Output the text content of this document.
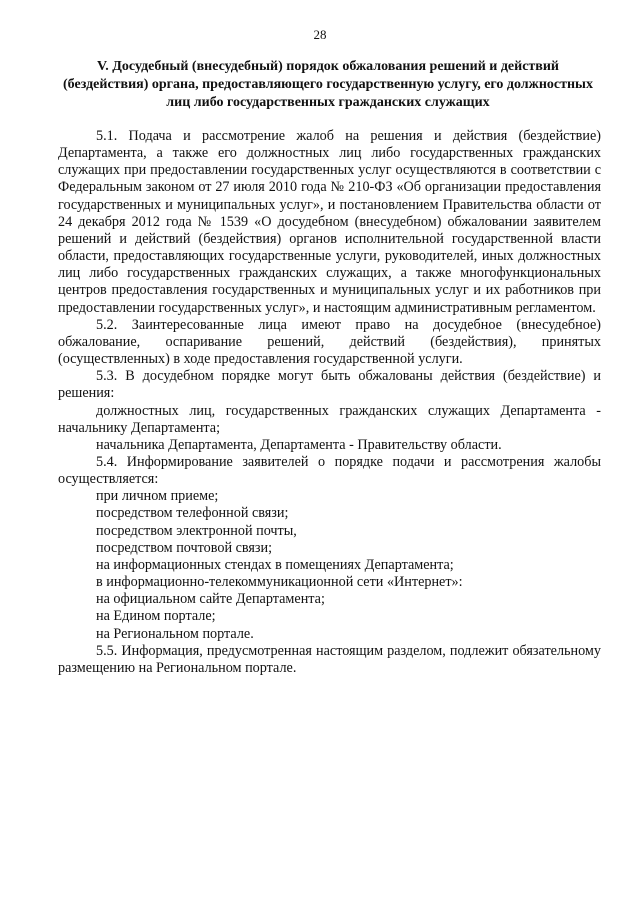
28
V. Досудебный (внесудебный) порядок обжалования решений и действий (бездействия) органа, предоставляющего государственную услугу, его должностных лиц либо государственных гражданских служащих

5.1. Подача и рассмотрение жалоб на решения и действия (бездействие) Департамента, а также его должностных лиц либо государственных гражданских служащих при предоставлении государственных услуг осуществляются в соответствии с Федеральным законом от 27 июля 2010 года № 210-ФЗ «Об организации предоставления государственных и муниципальных услуг», и постановлением Правительства области от 24 декабря 2012 года № 1539 «О досудебном (внесудебном) обжаловании заявителем решений и действий (бездействия) органов исполнительной государственной власти области, предоставляющих государственные услуги, руководителей, иных должностных лиц либо государственных гражданских служащих, а также многофункциональных центров предоставления государственных и муниципальных услуг и их работников при предоставлении государственных услуг», и настоящим административным регламентом.

5.2. Заинтересованные лица имеют право на досудебное (внесудебное) обжалование, оспаривание решений, действий (бездействия), принятых (осуществленных) в ходе предоставления государственной услуги.

5.3. В досудебном порядке могут быть обжалованы действия (бездействие) и решения:

должностных лиц, государственных гражданских служащих Департамента - начальнику Департамента;

начальника Департамента, Департамента - Правительству области.

5.4. Информирование заявителей о порядке подачи и рассмотрения жалобы осуществляется:

при личном приеме;

посредством телефонной связи;

посредством электронной почты,

посредством почтовой связи;

на информационных стендах в помещениях Департамента;

в информационно-телекоммуникационной сети «Интернет»:

на официальном сайте Департамента;

на Едином портале;

на Региональном портале.

5.5. Информация, предусмотренная настоящим разделом, подлежит обязательному размещению на Региональном портале.
